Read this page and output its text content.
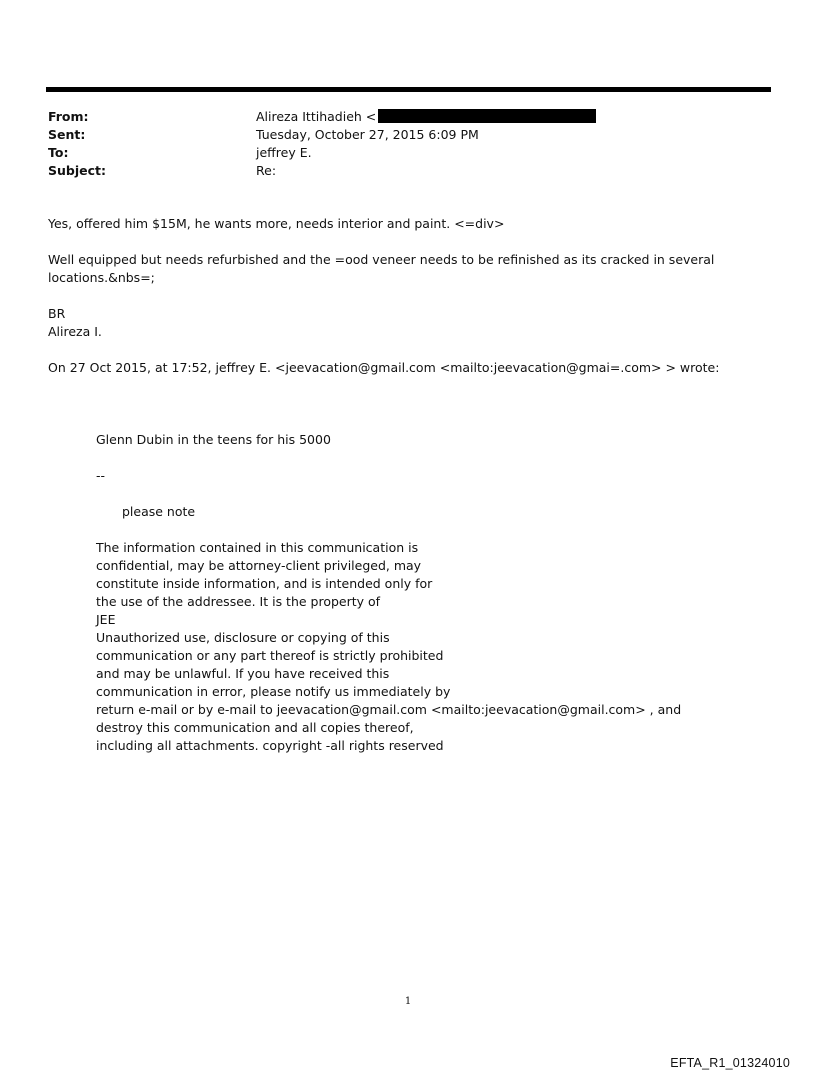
From:	Alireza Ittihadieh <
Sent:	Tuesday, October 27, 2015 6:09 PM
To:	jeffrey E.
Subject:	Re:
Yes, offered him $15M, he wants more, needs interior and paint. <=div>
Well equipped but needs refurbished and the =ood veneer needs to be refinished as its cracked in several
locations.&nbs=;
BR
Alireza I.
On 27 Oct 2015, at 17:52, jeffrey E. <jeevacation@gmail.com <mailto:jeevacation@gmai=.com> > wrote:
Glenn Dubin in the teens for his 5000
--
please note
The information contained in this communication is
confidential, may be attorney-client privileged, may
constitute inside information, and is intended only for
the use of the addressee. It is the property of
JEE
Unauthorized use, disclosure or copying of this
communication or any part thereof is strictly prohibited
and may be unlawful. If you have received this
communication in error, please notify us immediately by
return e-mail or by e-mail to jeevacation@gmail.com <mailto:jeevacation@gmail.com> , and
destroy this communication and all copies thereof,
including all attachments. copyright -all rights reserved
1
EFTA_R1_01324010
